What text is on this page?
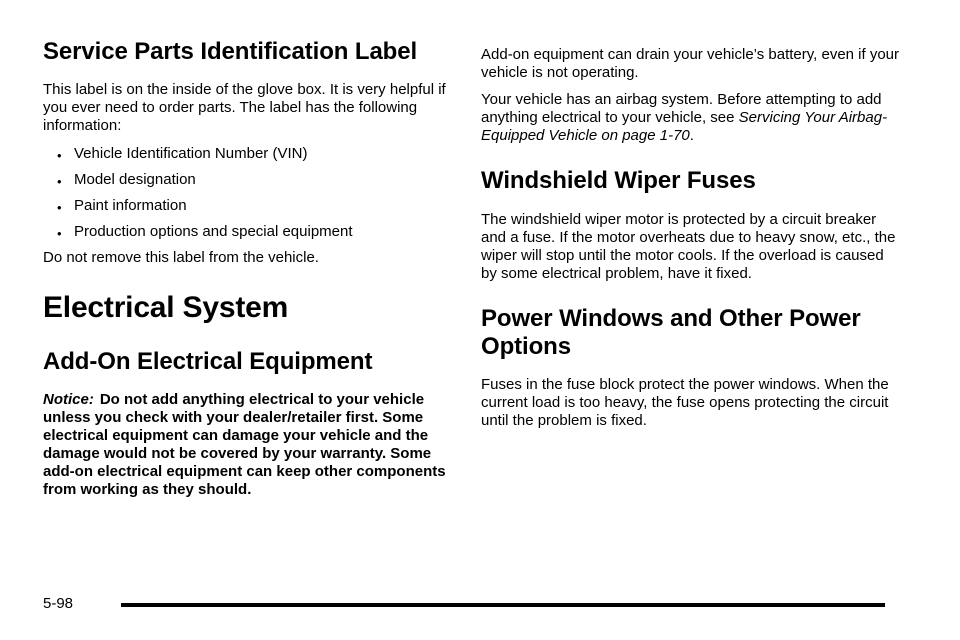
Service Parts Identification Label

This label is on the inside of the glove box. It is very helpful if you ever need to order parts. The label has the following information:

• Vehicle Identification Number (VIN)
• Model designation
• Paint information
• Production options and special equipment

Do not remove this label from the vehicle.

Electrical System
Add-On Electrical Equipment

Notice: Do not add anything electrical to your vehicle unless you check with your dealer/retailer first. Some electrical equipment can damage your vehicle and the damage would not be covered by your warranty. Some add-on electrical equipment can keep other components from working as they should.

Add-on equipment can drain your vehicle’s battery, even if your vehicle is not operating.

Your vehicle has an airbag system. Before attempting to add anything electrical to your vehicle, see Servicing Your Airbag-Equipped Vehicle on page 1-70.

Windshield Wiper Fuses

The windshield wiper motor is protected by a circuit breaker and a fuse. If the motor overheats due to heavy snow, etc., the wiper will stop until the motor cools. If the overload is caused by some electrical problem, have it fixed.

Power Windows and Other Power Options

Fuses in the fuse block protect the power windows. When the current load is too heavy, the fuse opens protecting the circuit until the problem is fixed.

5-98
